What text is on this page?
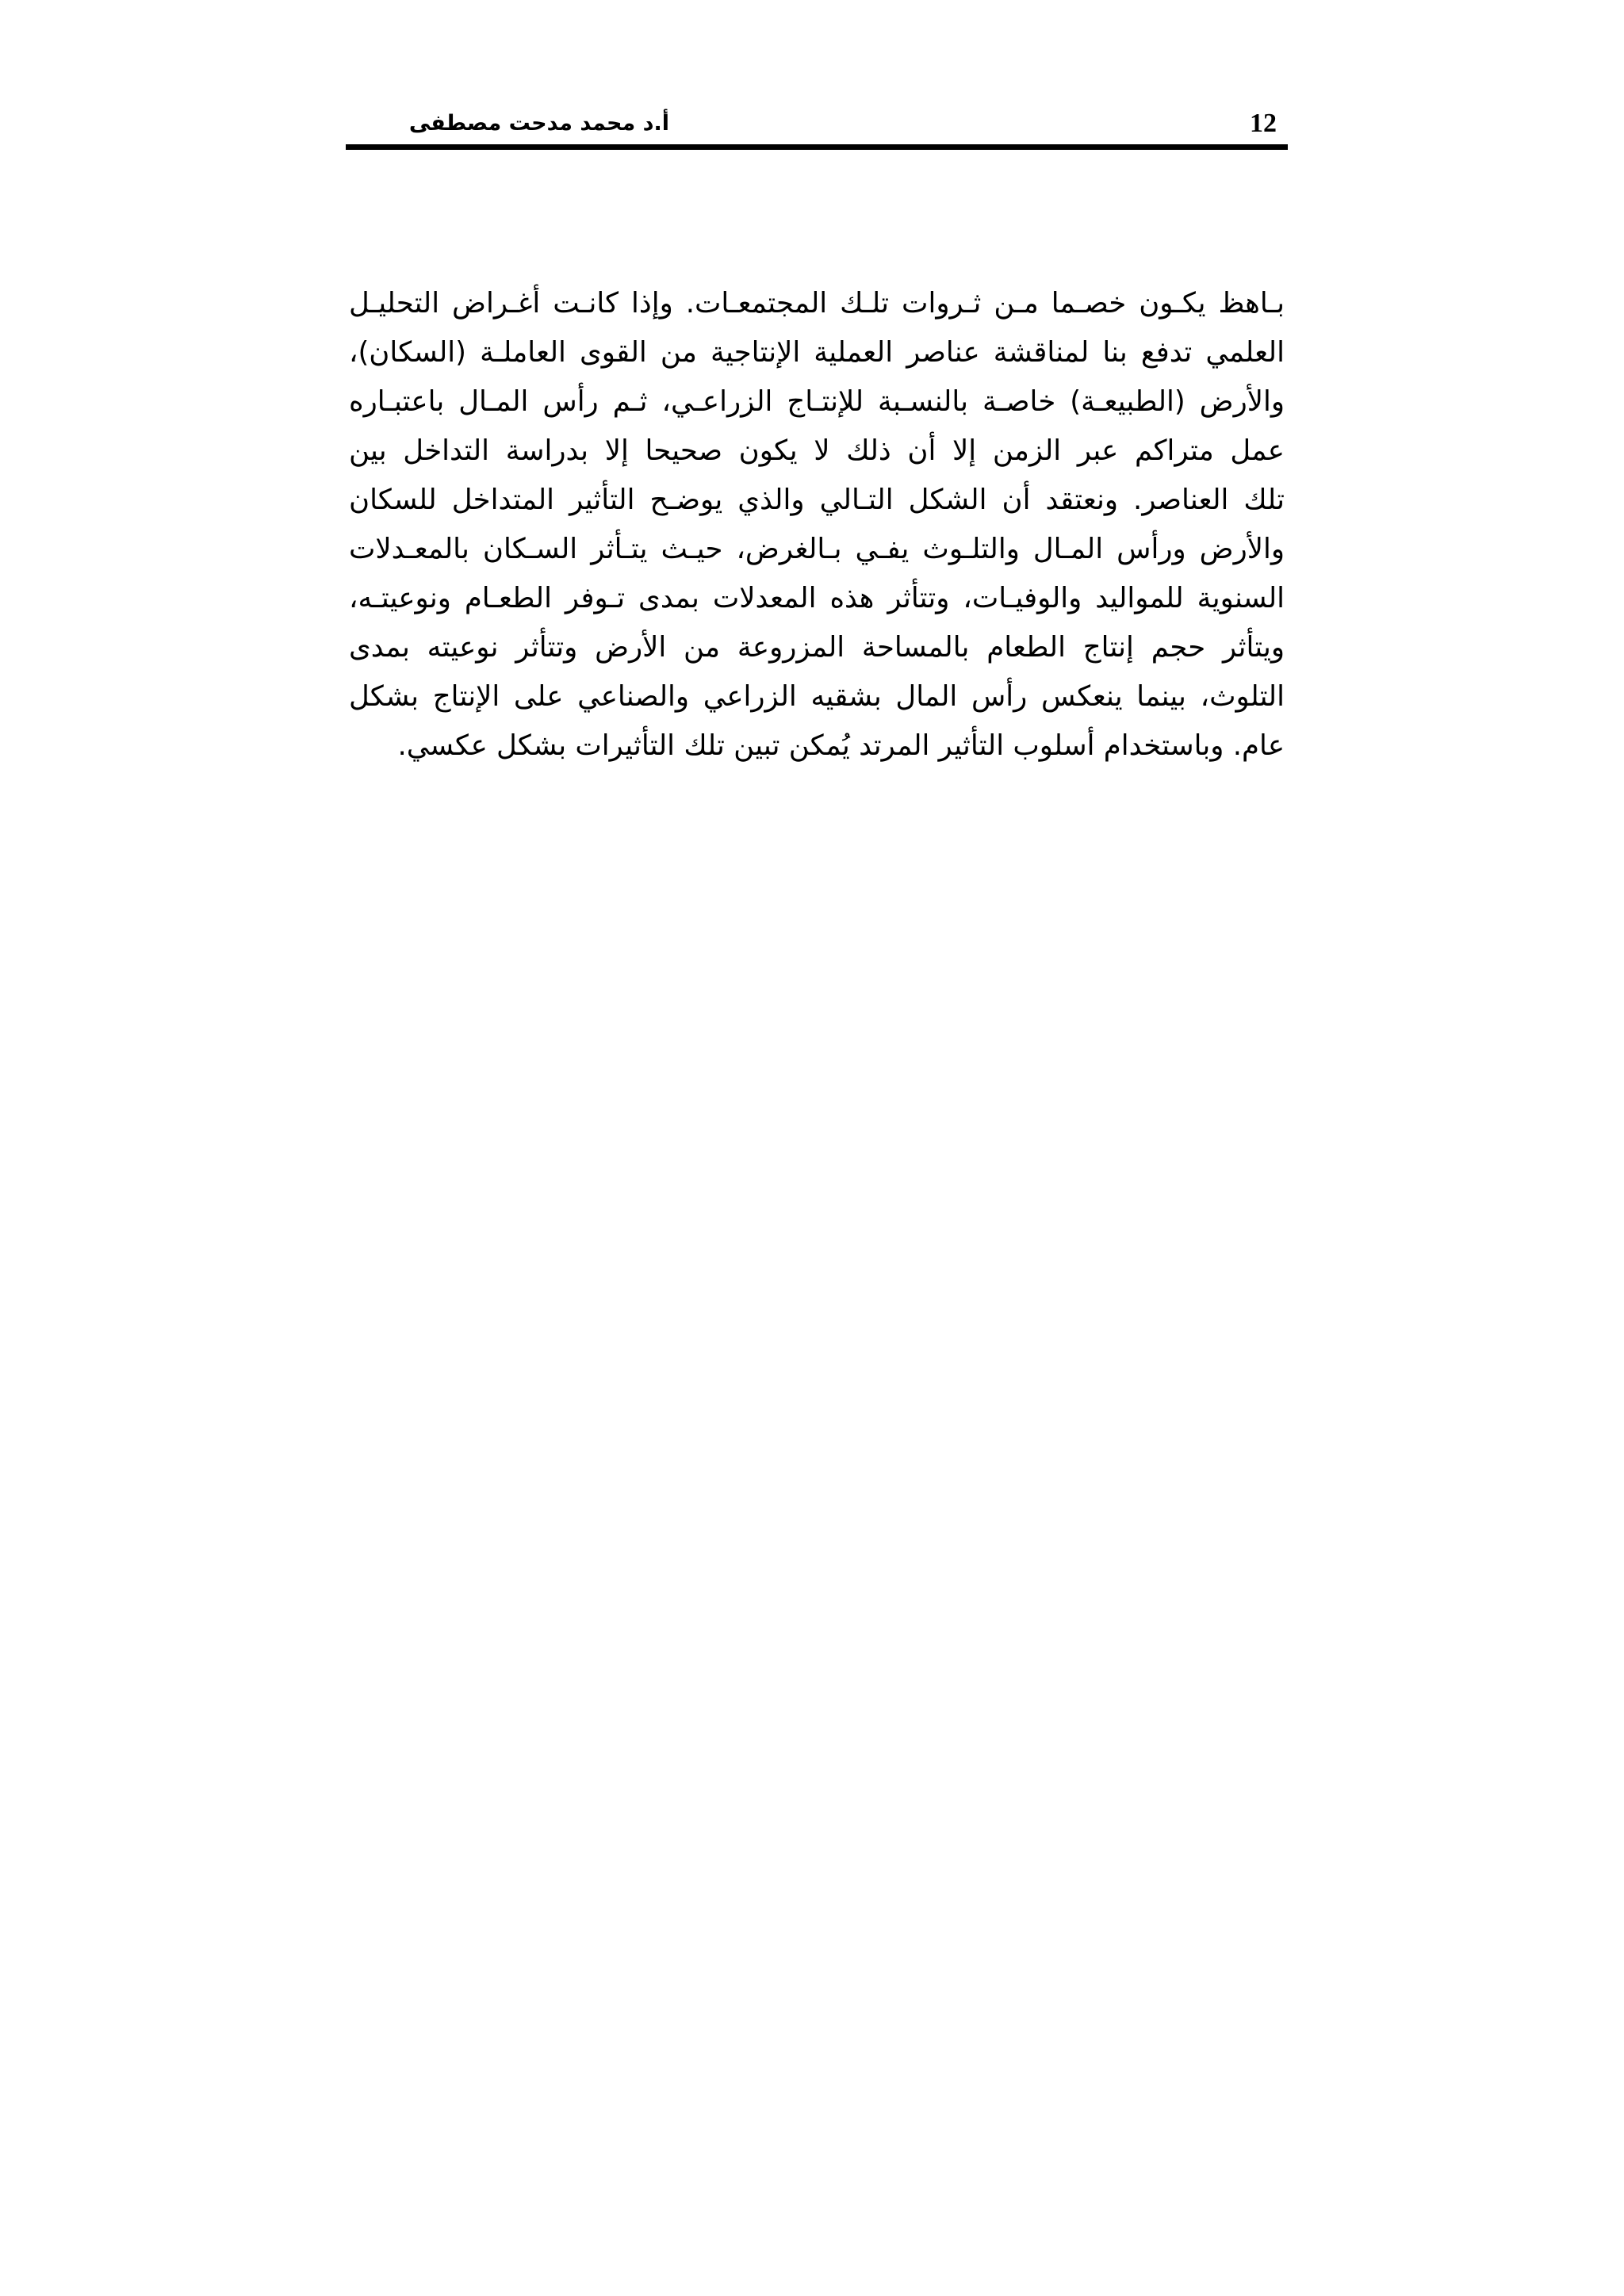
12
أ.د محمد مدحت مصطفى
بـاهظ يكـون خصـما مـن ثـروات تلـك المجتمعـات. وإذا كانـت أغـراض التحليـل
العلمي تدفع بنا لمناقشة عناصر العملية الإنتاجية من القوى العاملـة (السكان)،
والأرض (الطبيعـة) خاصـة بالنسـبة للإنتـاج الزراعـي، ثـم رأس المـال باعتبـاره
عمل متراكم عبر الزمن إلا أن ذلك لا يكون صحيحا إلا بدراسة التداخل بين
تلك العناصر. ونعتقد أن الشكل التـالي والذي يوضـح التأثير المتداخل للسكان
والأرض ورأس المـال والتلـوث يفـي بـالغرض، حيـث يتـأثر السـكان بالمعـدلات
السنوية للمواليد والوفيـات، وتتأثر هذه المعدلات بمدى تـوفر الطعـام ونوعيتـه،
ويتأثر حجم إنتاج الطعام بالمساحة المزروعة من الأرض وتتأثر نوعيته بمدى
التلوث، بينما ينعكس رأس المال بشقيه الزراعي والصناعي على الإنتاج بشكل
عام. وباستخدام أسلوب التأثير المرتد يُمكن تبين تلك التأثيرات بشكل عكسي.
